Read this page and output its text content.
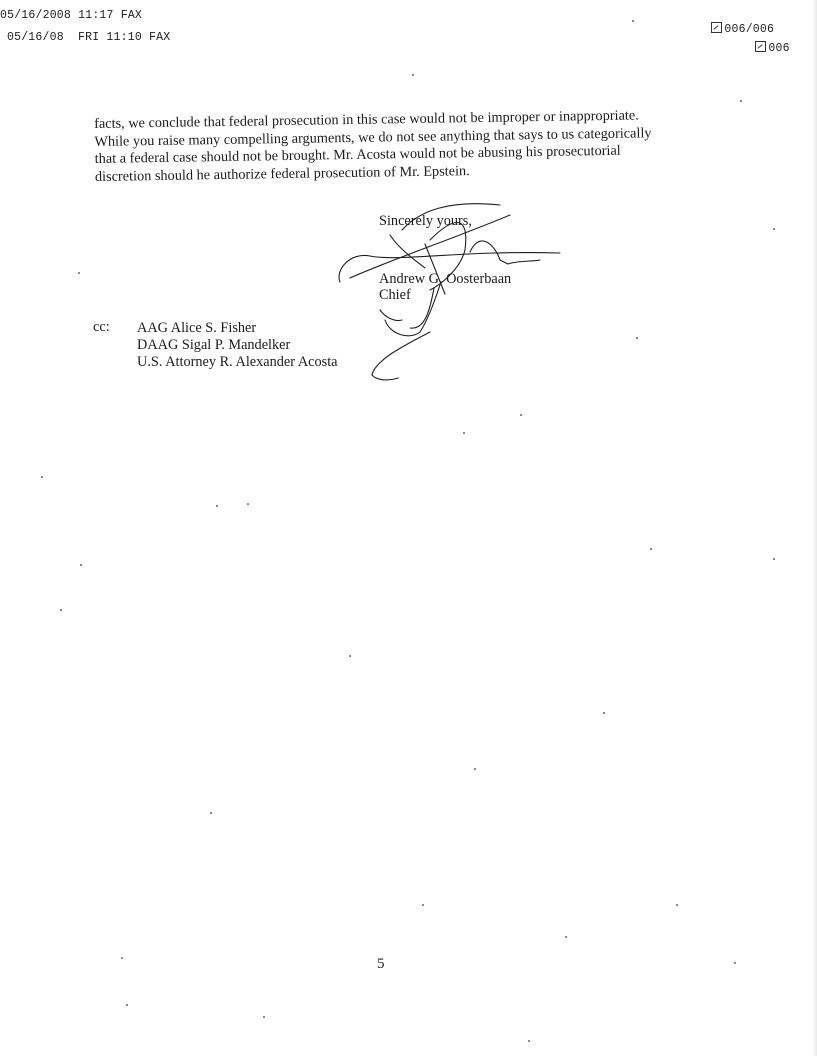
05/16/2008 11:17 FAX
05/16/08  FRI 11:10 FAX

006/006

006

facts, we conclude that federal prosecution in this case would not be improper or inappropriate.
While you raise many compelling arguments, we do not see anything that says to us categorically
that a federal case should not be brought. Mr. Acosta would not be abusing his prosecutorial
discretion should he authorize federal prosecution of Mr. Epstein.
Sincerely yours,
Andrew G. Oosterbaan
Chief
cc: AAG Alice S. Fisher
DAAG Sigal P. Mandelker
U.S. Attorney R. Alexander Acosta
5
